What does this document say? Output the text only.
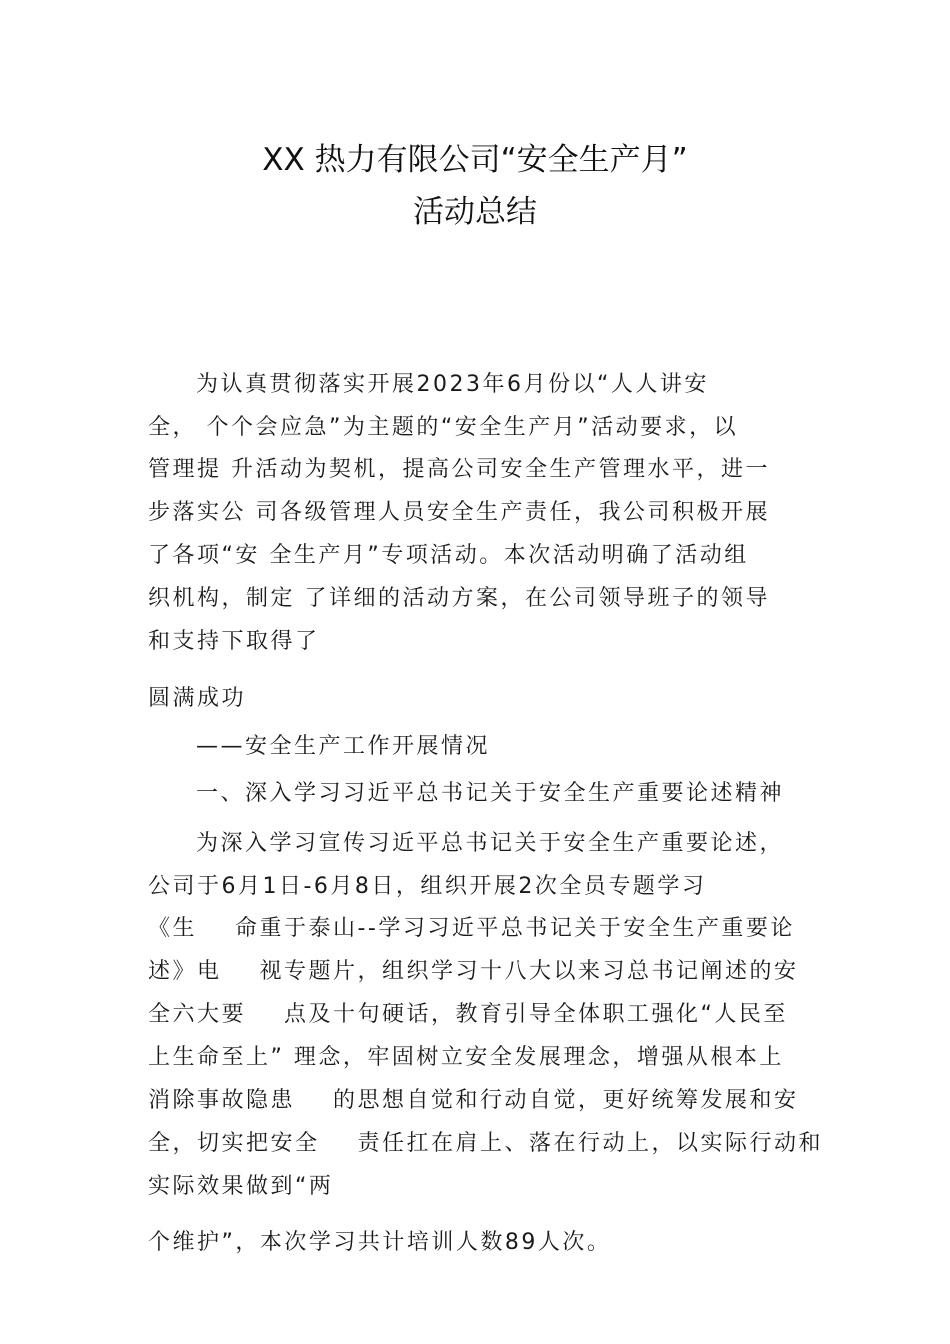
XX 热力有限公司“安全生产月”
活动总结
为认真贯彻落实开展2023年6月份以“人人讲安
全， 个个会应急”为主题的“安全生产月”活动要求，以
管理提 升活动为契机，提高公司安全生产管理水平，进一
步落实公 司各级管理人员安全生产责任，我公司积极开展
了各项“安 全生产月”专项活动。本次活动明确了活动组
织机构，制定 了详细的活动方案，在公司领导班子的领导
和支持下取得了
圆满成功
——安全生产工作开展情况
一、深入学习习近平总书记关于安全生产重要论述精神
为深入学习宣传习近平总书记关于安全生产重要论述，
公司于6月1日-6月8日，组织开展2次全员专题学习
《生    命重于泰山--学习习近平总书记关于安全生产重要论
述》电    视专题片，组织学习十八大以来习总书记阐述的安
全六大要    点及十句硬话，教育引导全体职工强化“人民至
上生命至上” 理念，牢固树立安全发展理念，增强从根本上
消除事故隐患    的思想自觉和行动自觉，更好统筹发展和安
全，切实把安全    责任扛在肩上、落在行动上，以实际行动和
实际效果做到“两
个维护”，本次学习共计培训人数89人次。
